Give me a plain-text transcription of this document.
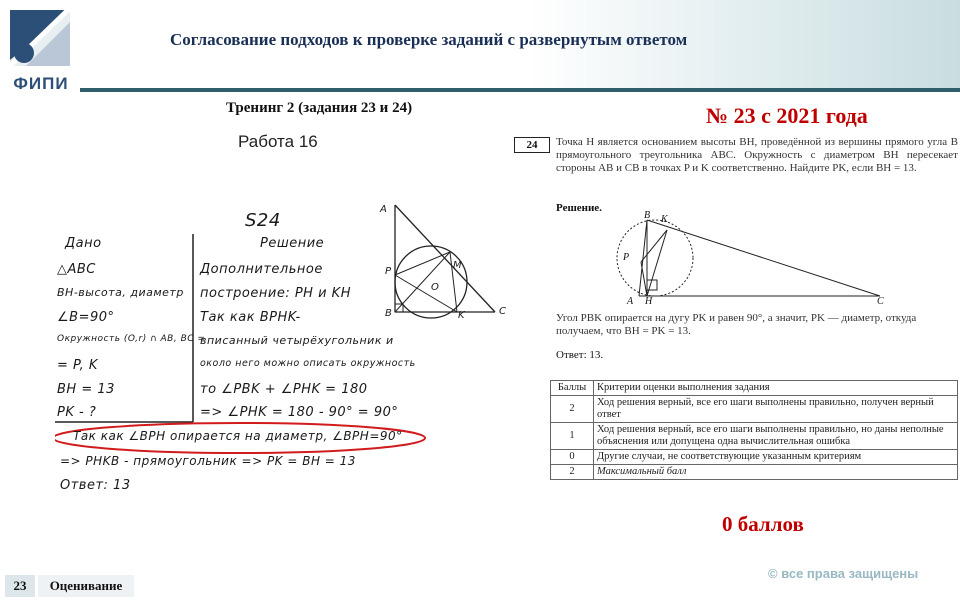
ФИПИ
Согласование подходов к проверке заданий с развернутым ответом
Тренинг 2 (задания 23 и 24)
Работа 16
№ 23 с 2021 года
S24
A
P
M
O
B	K	C
Дано
△ABC
BH-высота, диаметр
∠B=90°
Окружность (O,r) ∩ AB, BC =
= P, K
BH = 13
PK - ?
Решение
Дополнительное
построение: PH и KH
Так как BPHK-
вписанный четырёхугольник и
около него можно описать окружность
то ∠PBK + ∠PHK = 180
=> ∠PHK = 180 - 90° = 90°
Так как ∠BPH опирается на диаметр, ∠BPH=90°
=> PHKB - прямоугольник => PK = BH = 13
Ответ: 13
24	Точка H является основанием высоты BH, проведённой из вершины прямого угла B прямоугольного треугольника ABC. Окружность с диаметром BH пересекает стороны AB и CB в точках P и K соответственно. Найдите PK, если BH = 13.
Решение.
B K
P
A H	C
Угол PBK опирается на дугу PK и равен 90°, а значит, PK — диаметр, откуда получаем, что BH = PK = 13.
Ответ: 13.
Баллы	Критерии оценки выполнения задания
2	Ход решения верный, все его шаги выполнены правильно, получен верный ответ
1	Ход решения верный, все его шаги выполнены правильно, но даны неполные объяснения или допущена одна вычислительная ошибка
0	Другие случаи, не соответствующие указанным критериям
2	Максимальный балл
0 баллов
© все права защищены
23	Оценивание
